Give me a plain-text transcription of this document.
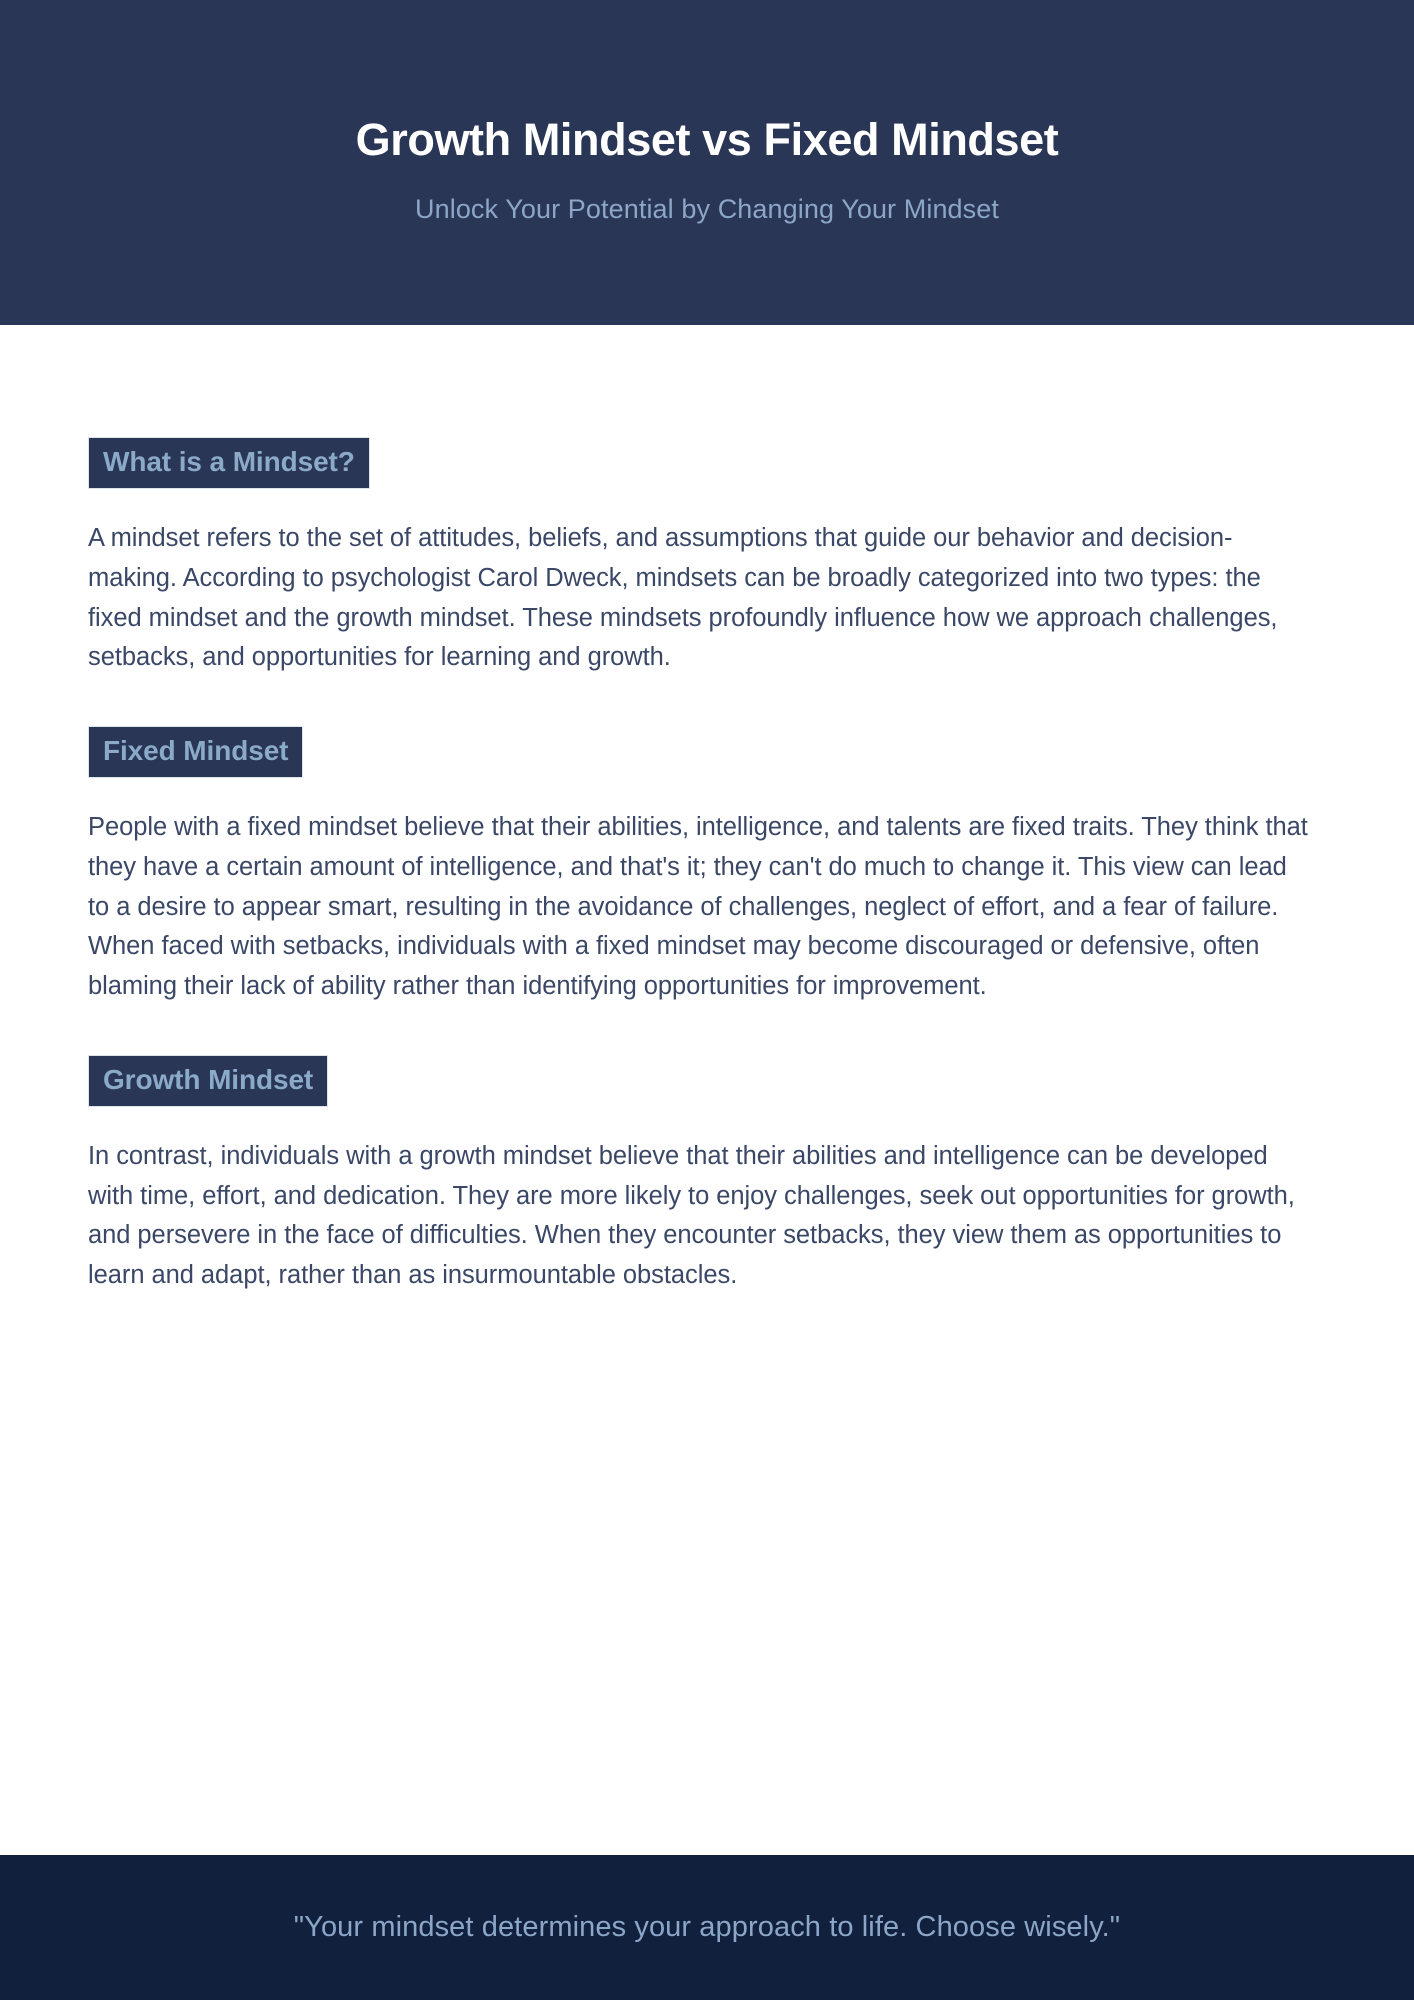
Growth Mindset vs Fixed Mindset

Unlock Your Potential by Changing Your Mindset

What is a Mindset?

A mindset refers to the set of attitudes, beliefs, and assumptions that guide our behavior and decision-making. According to psychologist Carol Dweck, mindsets can be broadly categorized into two types: the fixed mindset and the growth mindset. These mindsets profoundly influence how we approach challenges, setbacks, and opportunities for learning and growth.

Fixed Mindset

People with a fixed mindset believe that their abilities, intelligence, and talents are fixed traits. They think that they have a certain amount of intelligence, and that's it; they can't do much to change it. This view can lead to a desire to appear smart, resulting in the avoidance of challenges, neglect of effort, and a fear of failure. When faced with setbacks, individuals with a fixed mindset may become discouraged or defensive, often blaming their lack of ability rather than identifying opportunities for improvement.

Growth Mindset

In contrast, individuals with a growth mindset believe that their abilities and intelligence can be developed with time, effort, and dedication. They are more likely to enjoy challenges, seek out opportunities for growth, and persevere in the face of difficulties. When they encounter setbacks, they view them as opportunities to learn and adapt, rather than as insurmountable obstacles.

"Your mindset determines your approach to life. Choose wisely."
